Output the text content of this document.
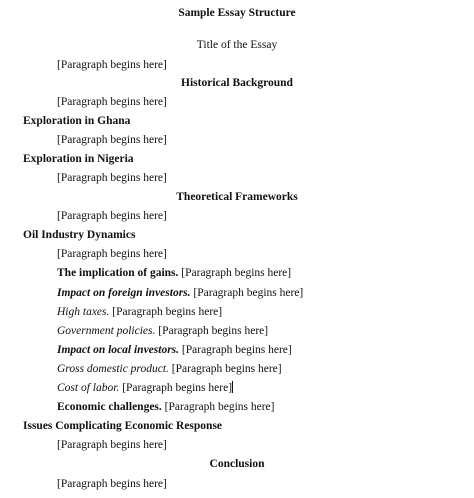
Sample Essay Structure
Title of the Essay
[Paragraph begins here]
Historical Background
[Paragraph begins here]
Exploration in Ghana
[Paragraph begins here]
Exploration in Nigeria
[Paragraph begins here]
Theoretical Frameworks
[Paragraph begins here]
Oil Industry Dynamics
[Paragraph begins here]
The implication of gains. [Paragraph begins here]
Impact on foreign investors. [Paragraph begins here]
High taxes. [Paragraph begins here]
Government policies. [Paragraph begins here]
Impact on local investors. [Paragraph begins here]
Gross domestic product. [Paragraph begins here]
Cost of labor. [Paragraph begins here]
Economic challenges. [Paragraph begins here]
Issues Complicating Economic Response
[Paragraph begins here]
Conclusion
[Paragraph begins here]
